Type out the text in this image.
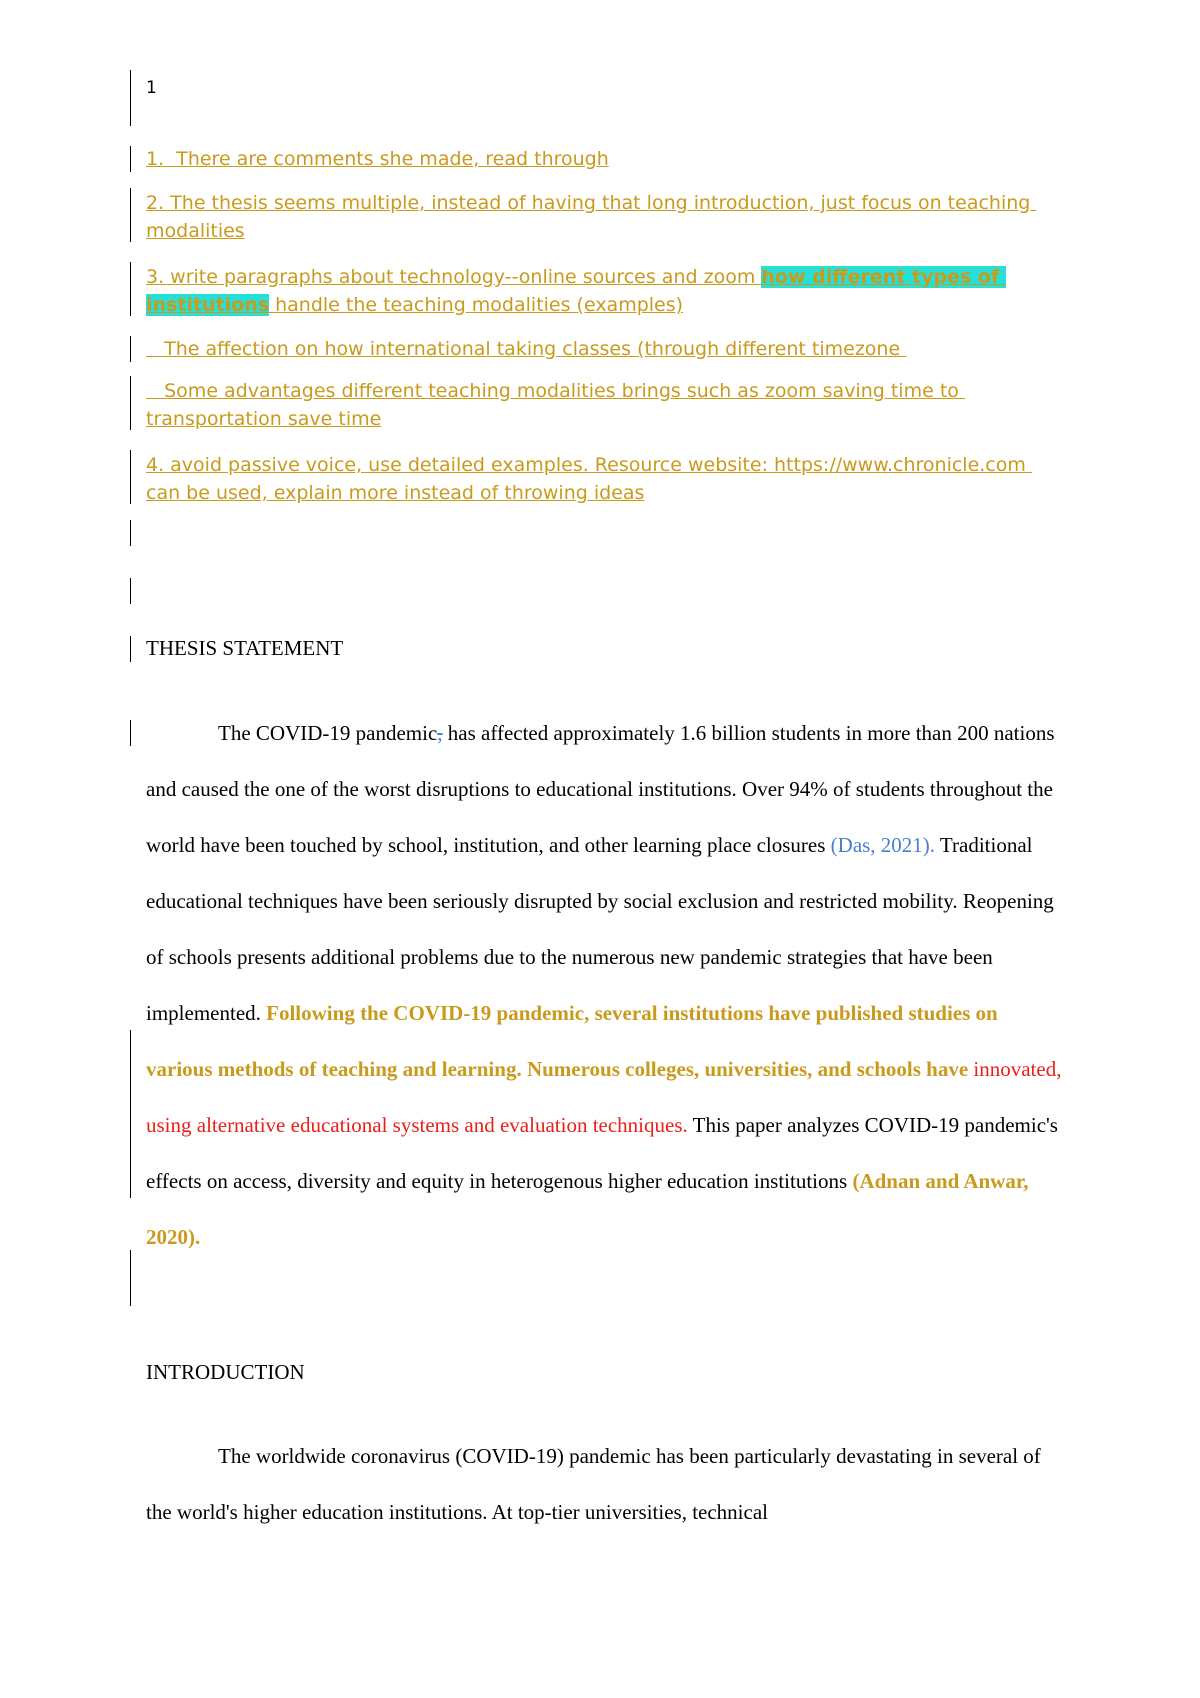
1
1.  There are comments she made, read through
2. The thesis seems multiple, instead of having that long introduction, just focus on teaching modalities
3. write paragraphs about technology--online sources and zoom how different types of institutions handle the teaching modalities (examples)
The affection on how international taking classes (through different timezone
Some advantages different teaching modalities brings such as zoom saving time to transportation save time
4. avoid passive voice, use detailed examples. Resource website: https://www.chronicle.com can be used, explain more instead of throwing ideas
THESIS STATEMENT

The COVID-19 pandemic, has affected approximately 1.6 billion students in more than 200 nations and caused the one of the worst disruptions to educational institutions. Over 94% of students throughout the world have been touched by school, institution, and other learning place closures (Das, 2021). Traditional educational techniques have been seriously disrupted by social exclusion and restricted mobility. Reopening of schools presents additional problems due to the numerous new pandemic strategies that have been implemented. Following the COVID-19 pandemic, several institutions have published studies on various methods of teaching and learning. Numerous colleges, universities, and schools have innovated, using alternative educational systems and evaluation techniques. This paper analyzes COVID-19 pandemic's effects on access, diversity and equity in heterogenous higher education institutions (Adnan and Anwar, 2020).

INTRODUCTION

The worldwide coronavirus (COVID-19) pandemic has been particularly devastating in several of the world's higher education institutions. At top-tier universities, technical
